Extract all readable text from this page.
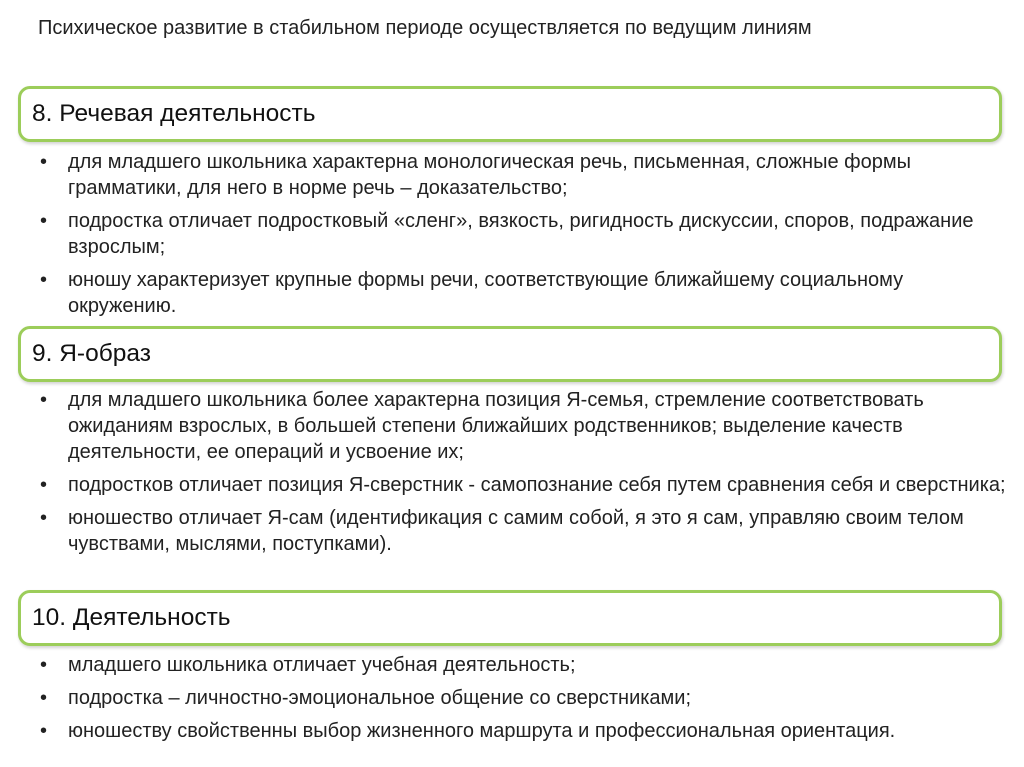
Психическое развитие в стабильном периоде осуществляется по ведущим линиям
8. Речевая деятельность
• для младшего школьника характерна монологическая речь, письменная, сложные формы грамматики, для него в норме речь – доказательство;
• подростка отличает подростковый «сленг», вязкость, ригидность дискуссии, споров, подражание взрослым;
• юношу характеризует крупные формы речи, соответствующие ближайшему социальному окружению.
9. Я-образ
• для младшего школьника более характерна позиция Я-семья, стремление соответствовать ожиданиям взрослых, в большей степени ближайших родственников; выделение качеств деятельности, ее операций и усвоение их;
• подростков отличает позиция Я-сверстник - самопознание себя путем сравнения себя и сверстника;
• юношество отличает Я-сам (идентификация с самим собой, я это я сам, управляю своим телом чувствами, мыслями, поступками).
10. Деятельность
• младшего школьника отличает учебная деятельность;
• подростка – личностно-эмоциональное общение со сверстниками;
• юношеству свойственны выбор жизненного маршрута и профессиональная ориентация.
